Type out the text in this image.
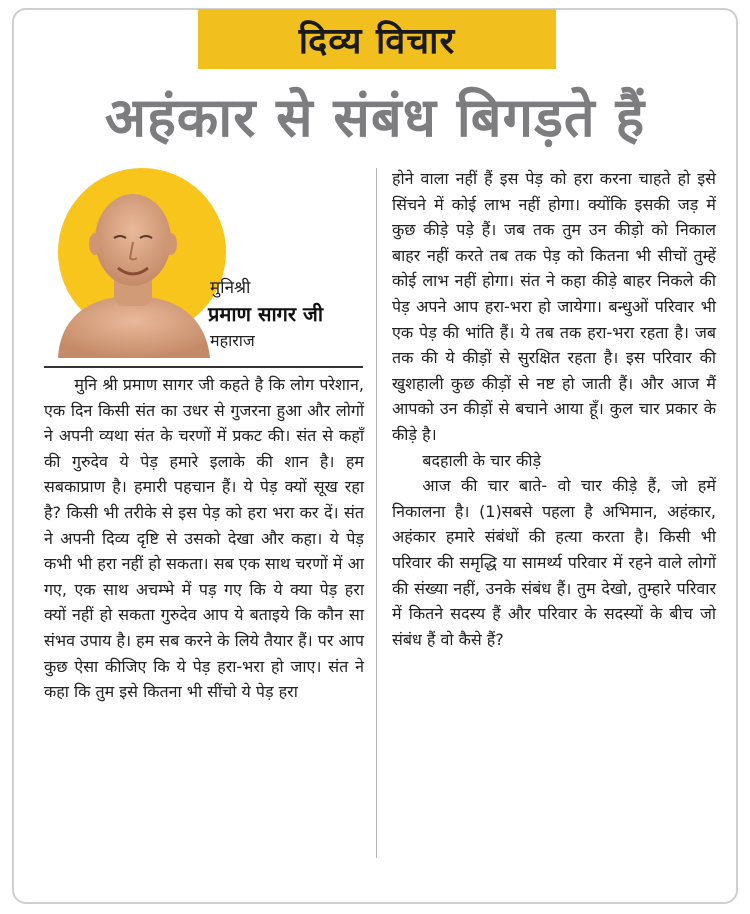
दिव्य विचार
अहंकार से संबंध बिगड़ते हैं
मुनिश्री
प्रमाण सागर जी
महाराज

मुनि श्री प्रमाण सागर जी कहते है कि लोग परेशान, एक दिन किसी संत का उधर से गुजरना हुआ और लोगों ने अपनी व्यथा संत के चरणों में प्रकट की। संत से कहाँ की गुरुदेव ये पेड़ हमारे इलाके की शान है। हम सबकाप्राण है। हमारी पहचान हैं। ये पेड़ क्यों सूख रहा है? किसी भी तरीके से इस पेड़ को हरा भरा कर दें। संत ने अपनी दिव्य दृष्टि से उसको देखा और कहा। ये पेड़ कभी भी हरा नहीं हो सकता। सब एक साथ चरणों में आ गए, एक साथ अचम्भे में पड़ गए कि ये क्या पेड़ हरा क्यों नहीं हो सकता गुरुदेव आप ये बताइये कि कौन सा संभव उपाय है। हम सब करने के लिये तैयार हैं। पर आप कुछ ऐसा कीजिए कि ये पेड़ हरा-भरा हो जाए। संत ने कहा कि तुम इसे कितना भी सींचो ये पेड़ हरा

होने वाला नहीं हैं इस पेड़ को हरा करना चाहते हो इसे सिंचने में कोई लाभ नहीं होगा। क्योंकि इसकी जड़ में कुछ कीड़े पड़े हैं। जब तक तुम उन कीड़ो को निकाल बाहर नहीं करते तब तक पेड़ को कितना भी सीचों तुम्हें कोई लाभ नहीं होगा। संत ने कहा कीड़े बाहर निकले की पेड़ अपने आप हरा-भरा हो जायेगा। बन्धुओं परिवार भी एक पेड़ की भांति हैं। ये तब तक हरा-भरा रहता है। जब तक की ये कीड़ों से सुरक्षित रहता है। इस परिवार की खुशहाली कुछ कीड़ों से नष्ट हो जाती हैं। और आज मैं आपको उन कीड़ों से बचाने आया हूँ। कुल चार प्रकार के कीड़े है।

बदहाली के चार कीड़े

आज की चार बाते- वो चार कीड़े हैं, जो हमें निकालना है। (1)सबसे पहला है अभिमान, अहंकार, अहंकार हमारे संबंधों की हत्या करता है। किसी भी परिवार की समृद्धि या सामर्थ्य परिवार में रहने वाले लोगों की संख्या नहीं, उनके संबंध हैं। तुम देखो, तुम्हारे परिवार में कितने सदस्य हैं और परिवार के सदस्यों के बीच जो संबंध हैं वो कैसे हैं?
